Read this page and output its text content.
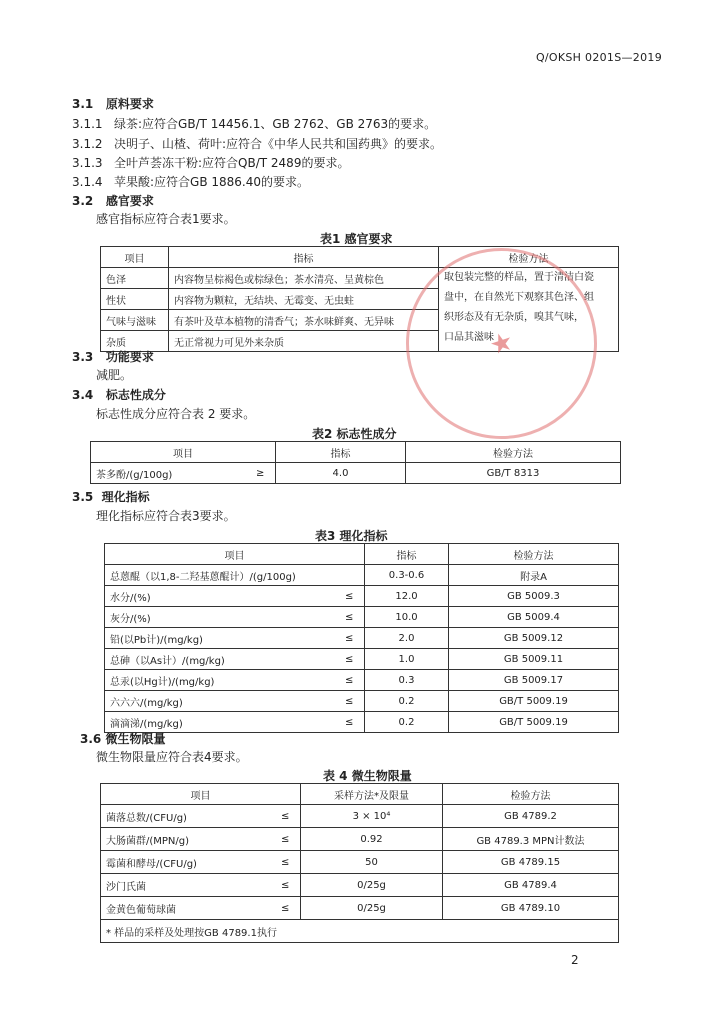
Q/OKSH 0201S—2019
3.1 原料要求
3.1.1 绿茶:应符合GB/T 14456.1、GB 2762、GB 2763的要求。
3.1.2 决明子、山楂、荷叶:应符合《中华人民共和国药典》的要求。
3.1.3 全叶芦荟冻干粉:应符合QB/T 2489的要求。
3.1.4 苹果酸:应符合GB 1886.40的要求。
3.2 感官要求
感官指标应符合表1要求。
表1 感官要求
项目	指标	检验方法
色泽	内容物呈棕褐色或棕绿色；茶水清亮、呈黄棕色	取包装完整的样品，置于清洁白瓷
盘中，在自然光下观察其色泽、组
织形态及有无杂质，嗅其气味，
口品其滋味

性状	内容物为颗粒，无结块、无霉变、无虫蛀	
气味与滋味	有茶叶及草本植物的清香气；茶水味鲜爽、无异味	
杂质	无正常视力可见外来杂质		★
3.3 功能要求
减肥。
3.4 标志性成分
标志性成分应符合表 2 要求。
表2 标志性成分
项目		指标	检验方法
茶多酚/(g/100g)	≥	4.0	GB/T 8313
3.5 理化指标
理化指标应符合表3要求。
表3 理化指标
项目		指标	检验方法
总蒽醌（以1,8-二羟基蒽醌计）/(g/100g)		0.3-0.6	附录A
水分/(%)	≤	12.0	GB 5009.3
灰分/(%)	≤	10.0	GB 5009.4
铅(以Pb计)/(mg/kg)	≤	2.0	GB 5009.12
总砷（以As计）/(mg/kg)	≤	1.0	GB 5009.11
总汞(以Hg计)/(mg/kg)	≤	0.3	GB 5009.17
六六六/(mg/kg)	≤	0.2	GB/T 5009.19
滴滴涕/(mg/kg)	≤	0.2	GB/T 5009.19
3.6 微生物限量
微生物限量应符合表4要求。
表 4 微生物限量
项目		采样方法*及限量	检验方法
菌落总数/(CFU/g)	≤	3 × 10⁴	GB 4789.2
大肠菌群/(MPN/g)	≤	0.92	GB 4789.3 MPN计数法
霉菌和酵母/(CFU/g)	≤	50	GB 4789.15
沙门氏菌	≤	0/25g	GB 4789.4
金黄色葡萄球菌	≤	0/25g	GB 4789.10
* 样品的采样及处理按GB 4789.1执行			
2
